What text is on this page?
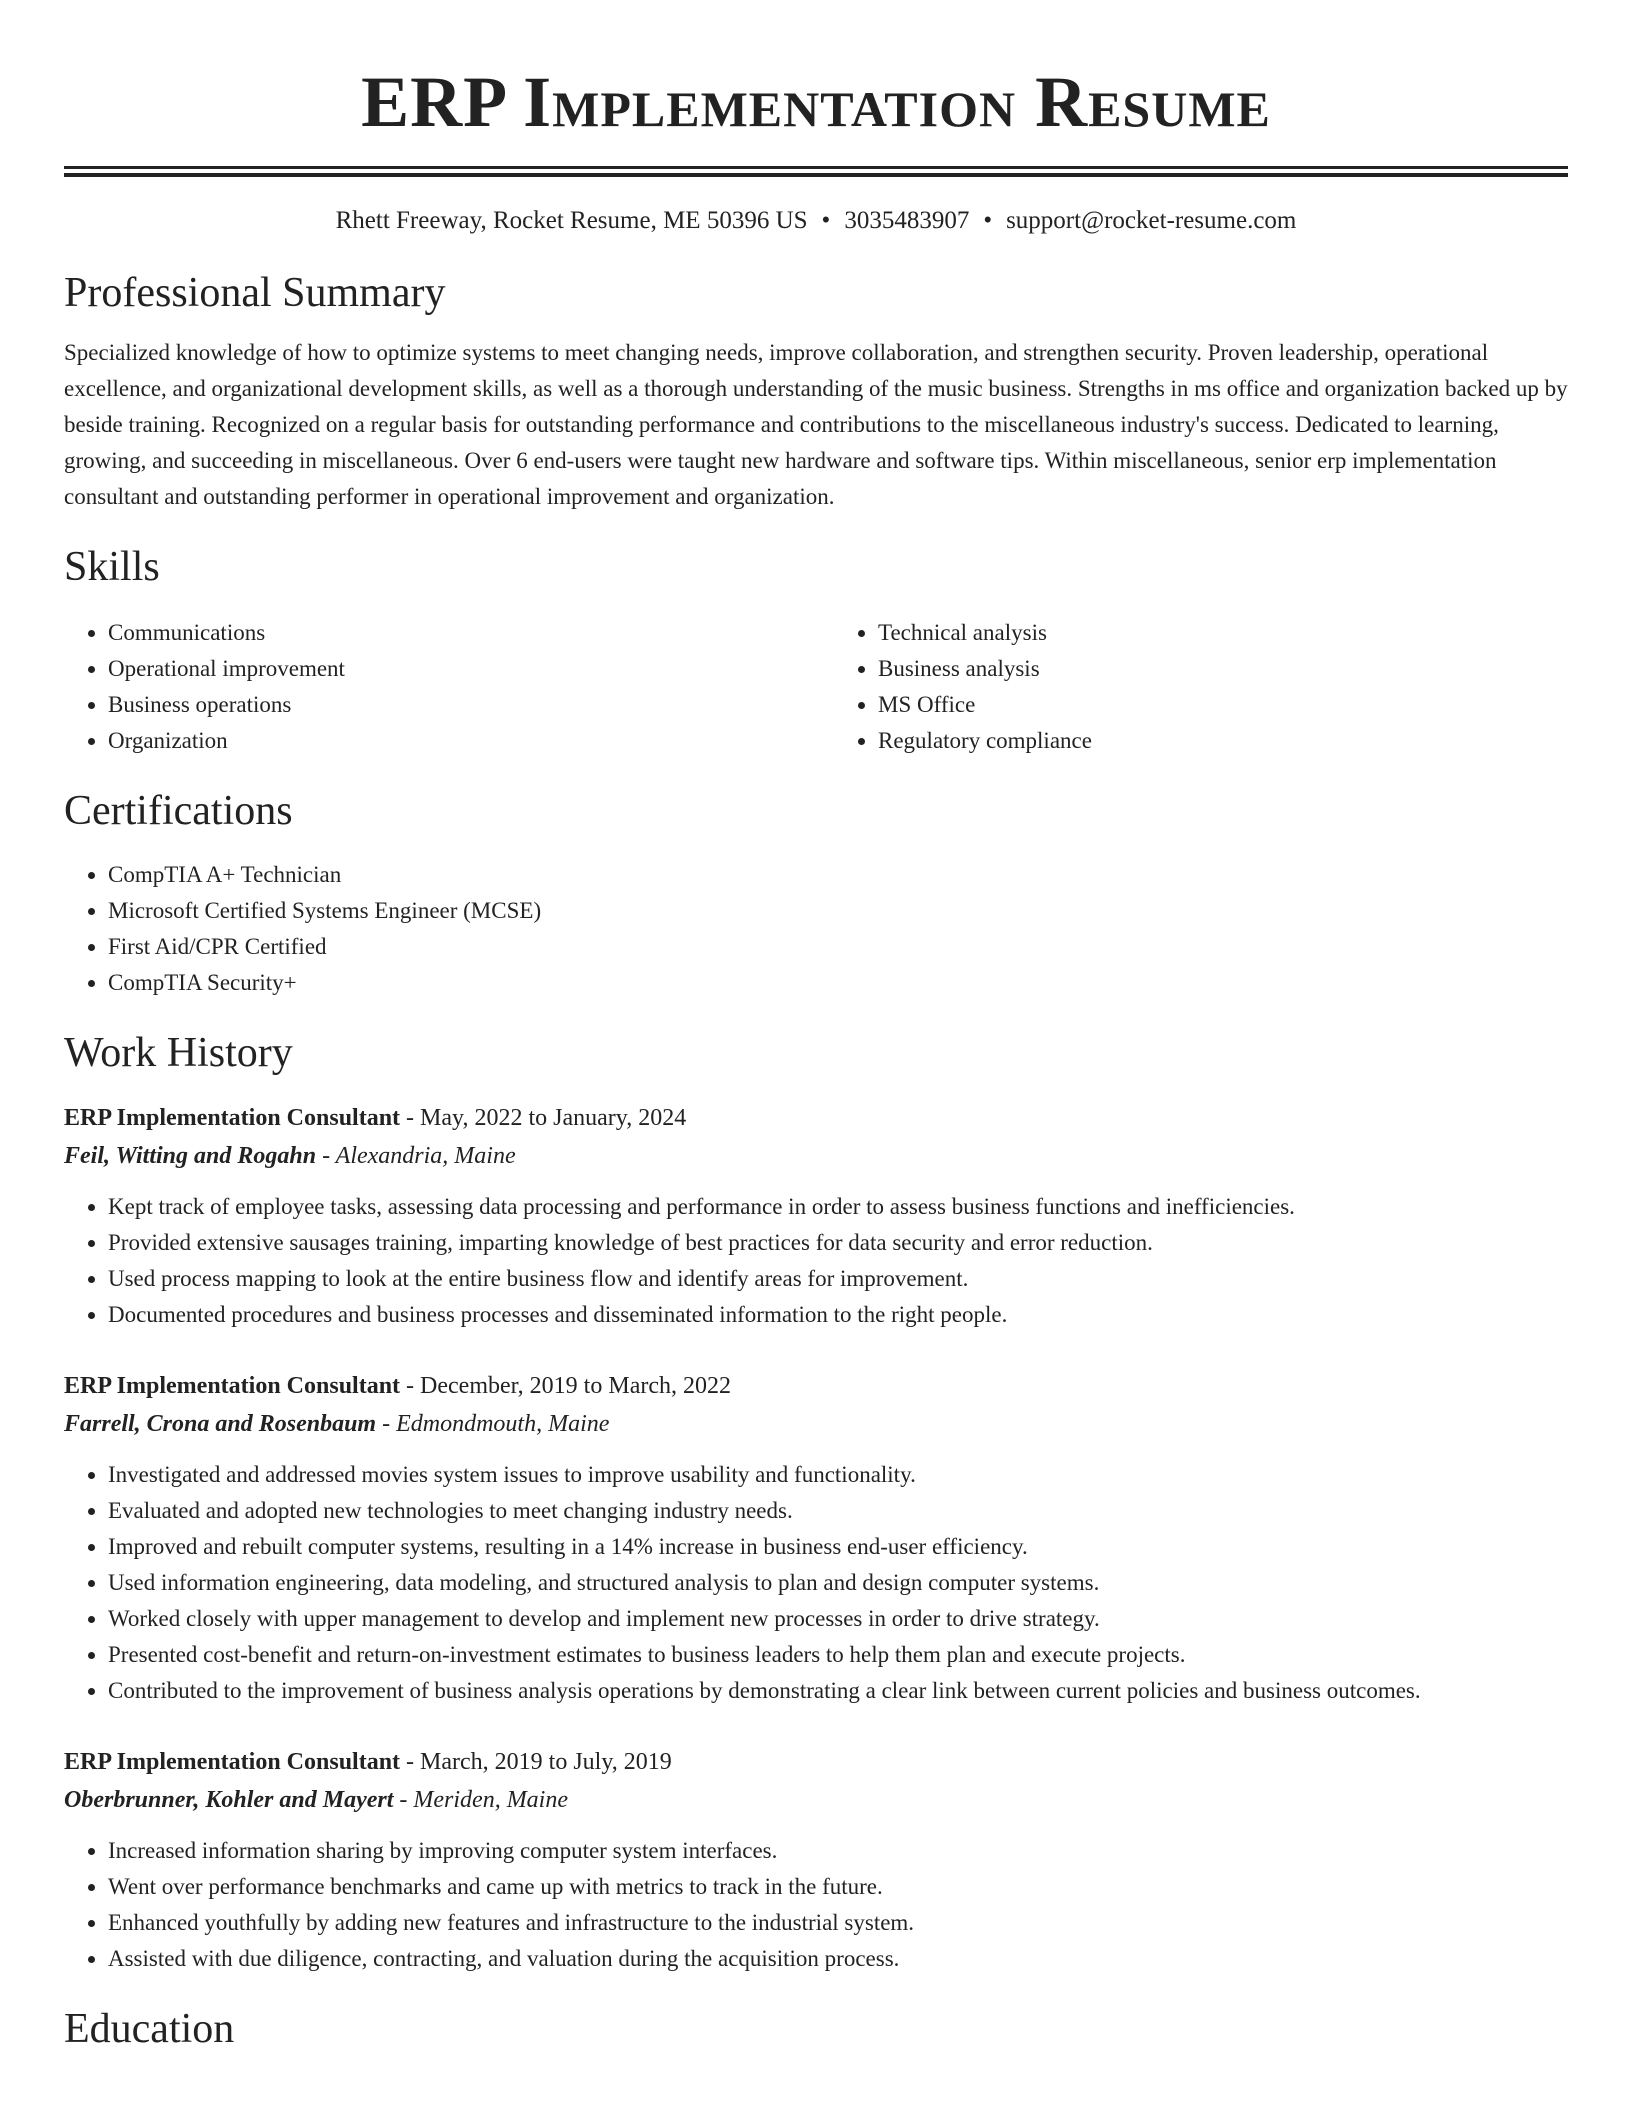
ERP Implementation Resume
Rhett Freeway, Rocket Resume, ME 50396 US • 3035483907 • support@rocket-resume.com
Professional Summary

Specialized knowledge of how to optimize systems to meet changing needs, improve collaboration, and strengthen security. Proven leadership, operational excellence, and organizational development skills, as well as a thorough understanding of the music business. Strengths in ms office and organization backed up by beside training. Recognized on a regular basis for outstanding performance and contributions to the miscellaneous industry's success. Dedicated to learning, growing, and succeeding in miscellaneous. Over 6 end-users were taught new hardware and software tips. Within miscellaneous, senior erp implementation consultant and outstanding performer in operational improvement and organization.

Skills
• Communications
• Operational improvement
• Business operations
• Organization
• Technical analysis
• Business analysis
• MS Office
• Regulatory compliance
Certifications
• CompTIA A+ Technician
• Microsoft Certified Systems Engineer (MCSE)
• First Aid/CPR Certified
• CompTIA Security+
Work History
ERP Implementation Consultant - May, 2022 to January, 2024
Feil, Witting and Rogahn - Alexandria, Maine
• Kept track of employee tasks, assessing data processing and performance in order to assess business functions and inefficiencies.
• Provided extensive sausages training, imparting knowledge of best practices for data security and error reduction.
• Used process mapping to look at the entire business flow and identify areas for improvement.
• Documented procedures and business processes and disseminated information to the right people.
ERP Implementation Consultant - December, 2019 to March, 2022
Farrell, Crona and Rosenbaum - Edmondmouth, Maine
• Investigated and addressed movies system issues to improve usability and functionality.
• Evaluated and adopted new technologies to meet changing industry needs.
• Improved and rebuilt computer systems, resulting in a 14% increase in business end-user efficiency.
• Used information engineering, data modeling, and structured analysis to plan and design computer systems.
• Worked closely with upper management to develop and implement new processes in order to drive strategy.
• Presented cost-benefit and return-on-investment estimates to business leaders to help them plan and execute projects.
• Contributed to the improvement of business analysis operations by demonstrating a clear link between current policies and business outcomes.
ERP Implementation Consultant - March, 2019 to July, 2019
Oberbrunner, Kohler and Mayert - Meriden, Maine
• Increased information sharing by improving computer system interfaces.
• Went over performance benchmarks and came up with metrics to track in the future.
• Enhanced youthfully by adding new features and infrastructure to the industrial system.
• Assisted with due diligence, contracting, and valuation during the acquisition process.
Education
